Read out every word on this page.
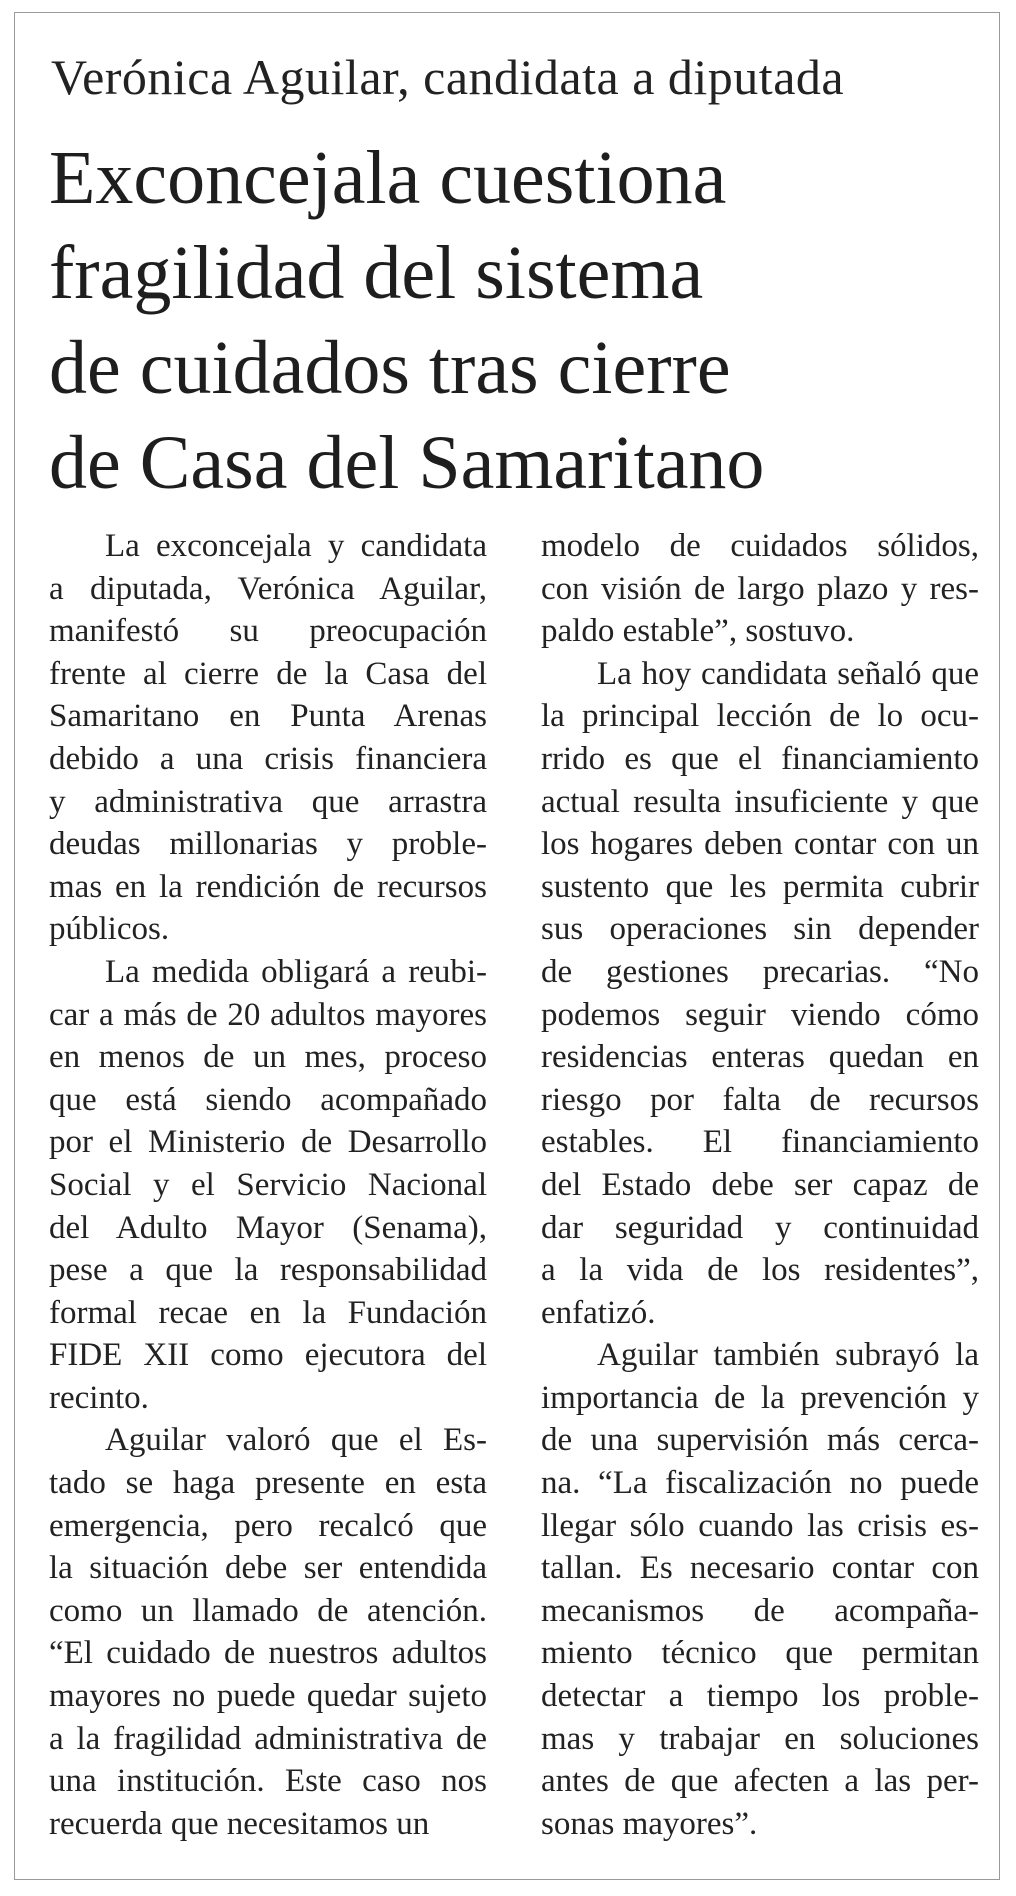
Verónica Aguilar, candidata a diputada
Exconcejala cuestiona
fragilidad del sistema
de cuidados tras cierre
de Casa del Samaritano

La exconcejala y candidata
a diputada, Verónica Aguilar,
manifestó su preocupación
frente al cierre de la Casa del
Samaritano en Punta Arenas
debido a una crisis financiera
y administrativa que arrastra
deudas millonarias y proble-
mas en la rendición de recursos
públicos.

La medida obligará a reubi-
car a más de 20 adultos mayores
en menos de un mes, proceso
que está siendo acompañado
por el Ministerio de Desarrollo
Social y el Servicio Nacional
del Adulto Mayor (Senama),
pese a que la responsabilidad
formal recae en la Fundación
FIDE XII como ejecutora del
recinto.

Aguilar valoró que el Es-
tado se haga presente en esta
emergencia, pero recalcó que
la situación debe ser entendida
como un llamado de atención.
“El cuidado de nuestros adultos
mayores no puede quedar sujeto
a la fragilidad administrativa de
una institución. Este caso nos
recuerda que necesitamos un

modelo de cuidados sólidos,
con visión de largo plazo y res-
paldo estable”, sostuvo.

La hoy candidata señaló que
la principal lección de lo ocu-
rrido es que el financiamiento
actual resulta insuficiente y que
los hogares deben contar con un
sustento que les permita cubrir
sus operaciones sin depender
de gestiones precarias. “No
podemos seguir viendo cómo
residencias enteras quedan en
riesgo por falta de recursos
estables. El financiamiento
del Estado debe ser capaz de
dar seguridad y continuidad
a la vida de los residentes”,
enfatizó.

Aguilar también subrayó la
importancia de la prevención y
de una supervisión más cerca-
na. “La fiscalización no puede
llegar sólo cuando las crisis es-
tallan. Es necesario contar con
mecanismos de acompaña-
miento técnico que permitan
detectar a tiempo los proble-
mas y trabajar en soluciones
antes de que afecten a las per-
sonas mayores”.
